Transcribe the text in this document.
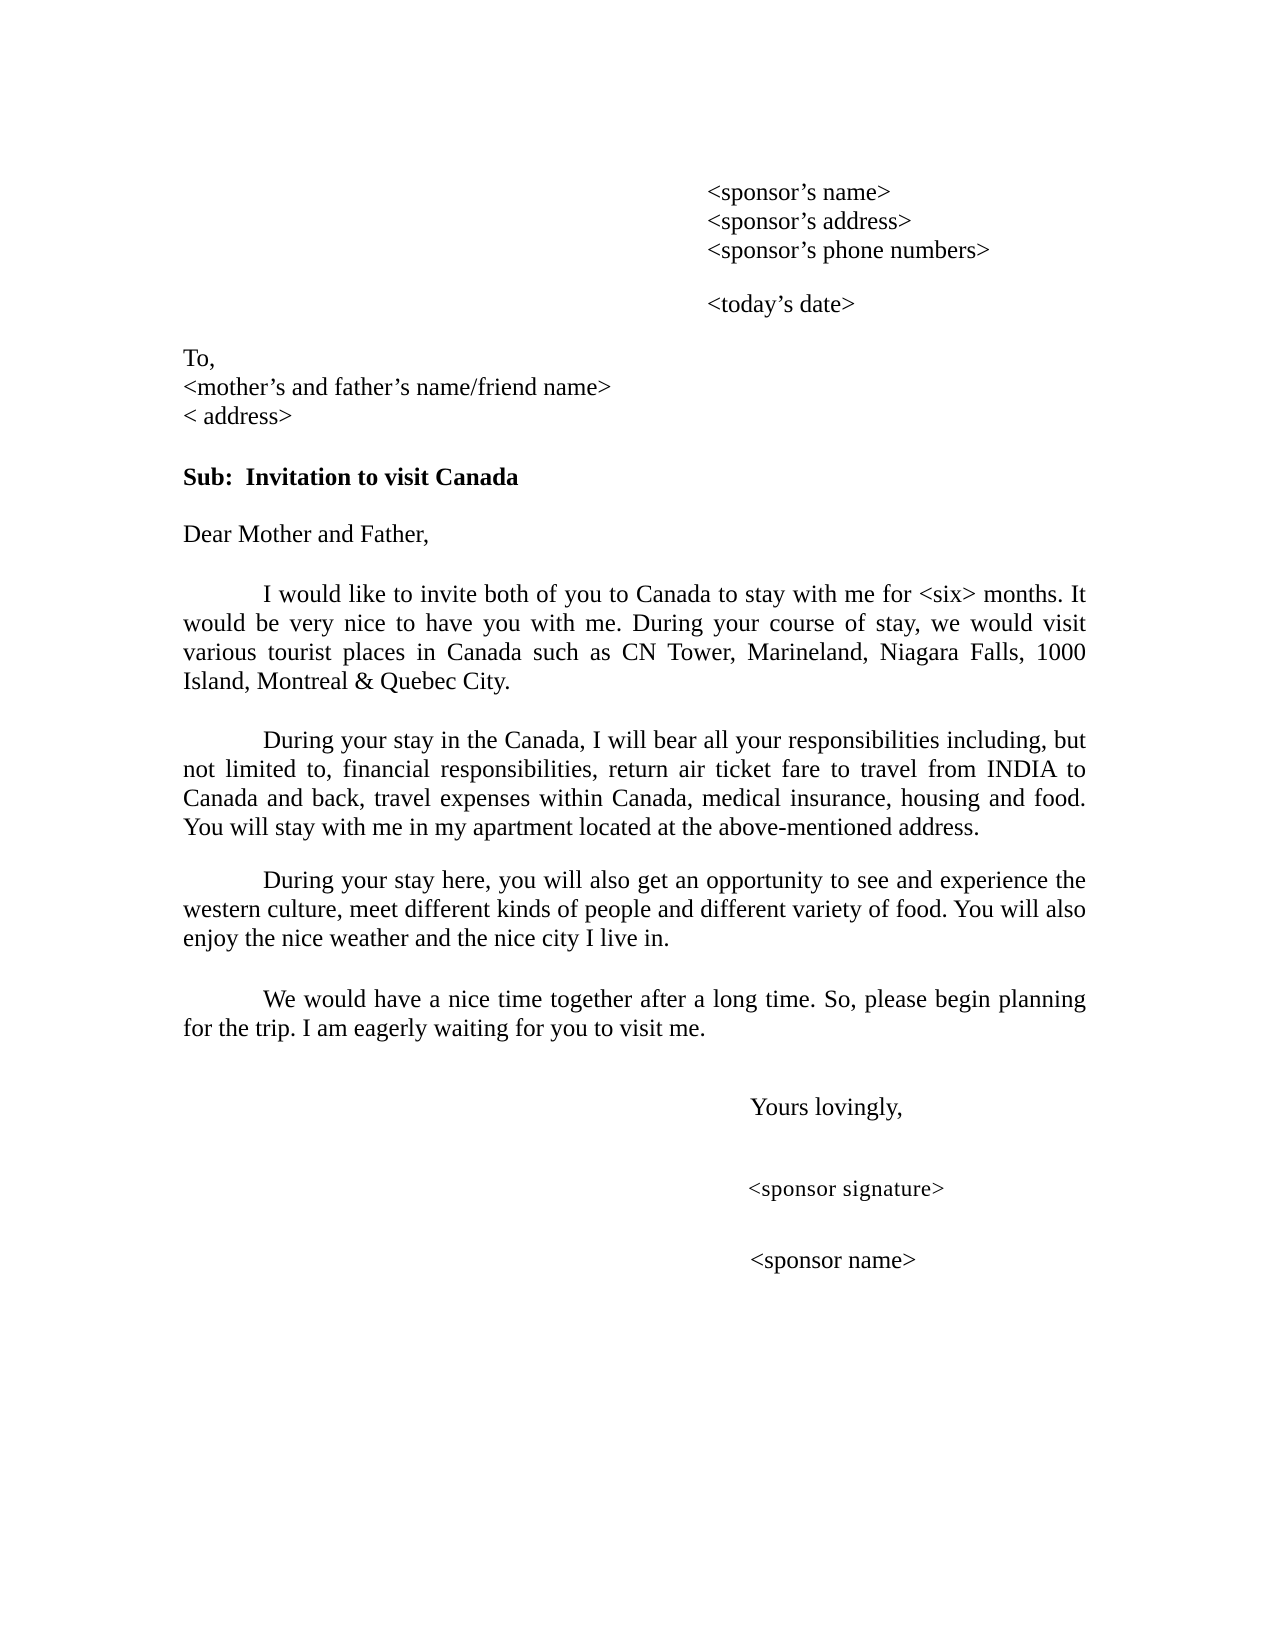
<sponsor’s name>
<sponsor’s address>
<sponsor’s phone numbers>
<today’s date>
To,
<mother’s and father’s name/friend name>
< address>
Sub:  Invitation to visit Canada
Dear Mother and Father,

I would like to invite both of you to Canada to stay with me for <six> months. It would be very nice to have you with me. During your course of stay, we would visit various tourist places in Canada such as CN Tower, Marineland, Niagara Falls, 1000 Island, Montreal & Quebec City.

During your stay in the Canada, I will bear all your responsibilities including, but not limited to, financial responsibilities, return air ticket fare to travel from INDIA to Canada and back, travel expenses within Canada, medical insurance, housing and food. You will stay with me in my apartment located at the above-mentioned address.

During your stay here, you will also get an opportunity to see and experience the western culture, meet different kinds of people and different variety of food. You will also enjoy the nice weather and the nice city I live in.

We would have a nice time together after a long time. So, please begin planning for the trip. I am eagerly waiting for you to visit me.

Yours lovingly,
<sponsor signature>
<sponsor name>
